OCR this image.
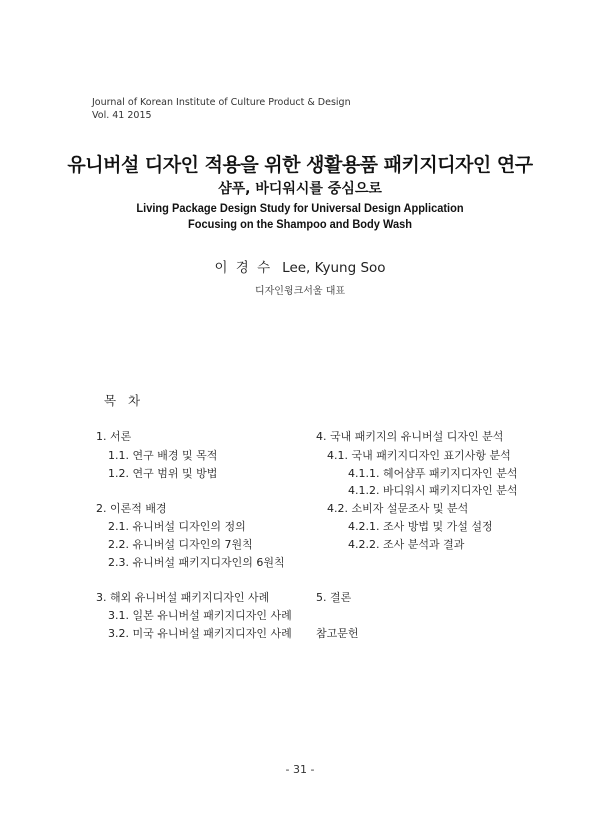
Journal of Korean Institute of Culture Product & Design
Vol. 41 2015
유니버설 디자인 적용을 위한 생활용품 패키지디자인 연구
샴푸, 바디워시를 중심으로
Living Package Design Study for Universal Design Application
Focusing on the Shampoo and Body Wash
이 경 수 Lee, Kyung Soo
디자인윙크서울 대표
목 차
1. 서론
1.1. 연구 배경 및 목적
1.2. 연구 범위 및 방법
2. 이론적 배경
2.1. 유니버설 디자인의 정의
2.2. 유니버설 디자인의 7원칙
2.3. 유니버설 패키지디자인의 6원칙
3. 해외 유니버설 패키지디자인 사례
3.1. 일본 유니버설 패키지디자인 사례
3.2. 미국 유니버설 패키지디자인 사례
4. 국내 패키지의 유니버설 디자인 분석
4.1. 국내 패키지디자인 표기사항 분석
4.1.1. 헤어샴푸 패키지디자인 분석
4.1.2. 바디워시 패키지디자인 분석
4.2. 소비자 설문조사 및 분석
4.2.1. 조사 방법 및 가설 설정
4.2.2. 조사 분석과 결과
5. 결론
참고문헌
- 31 -
